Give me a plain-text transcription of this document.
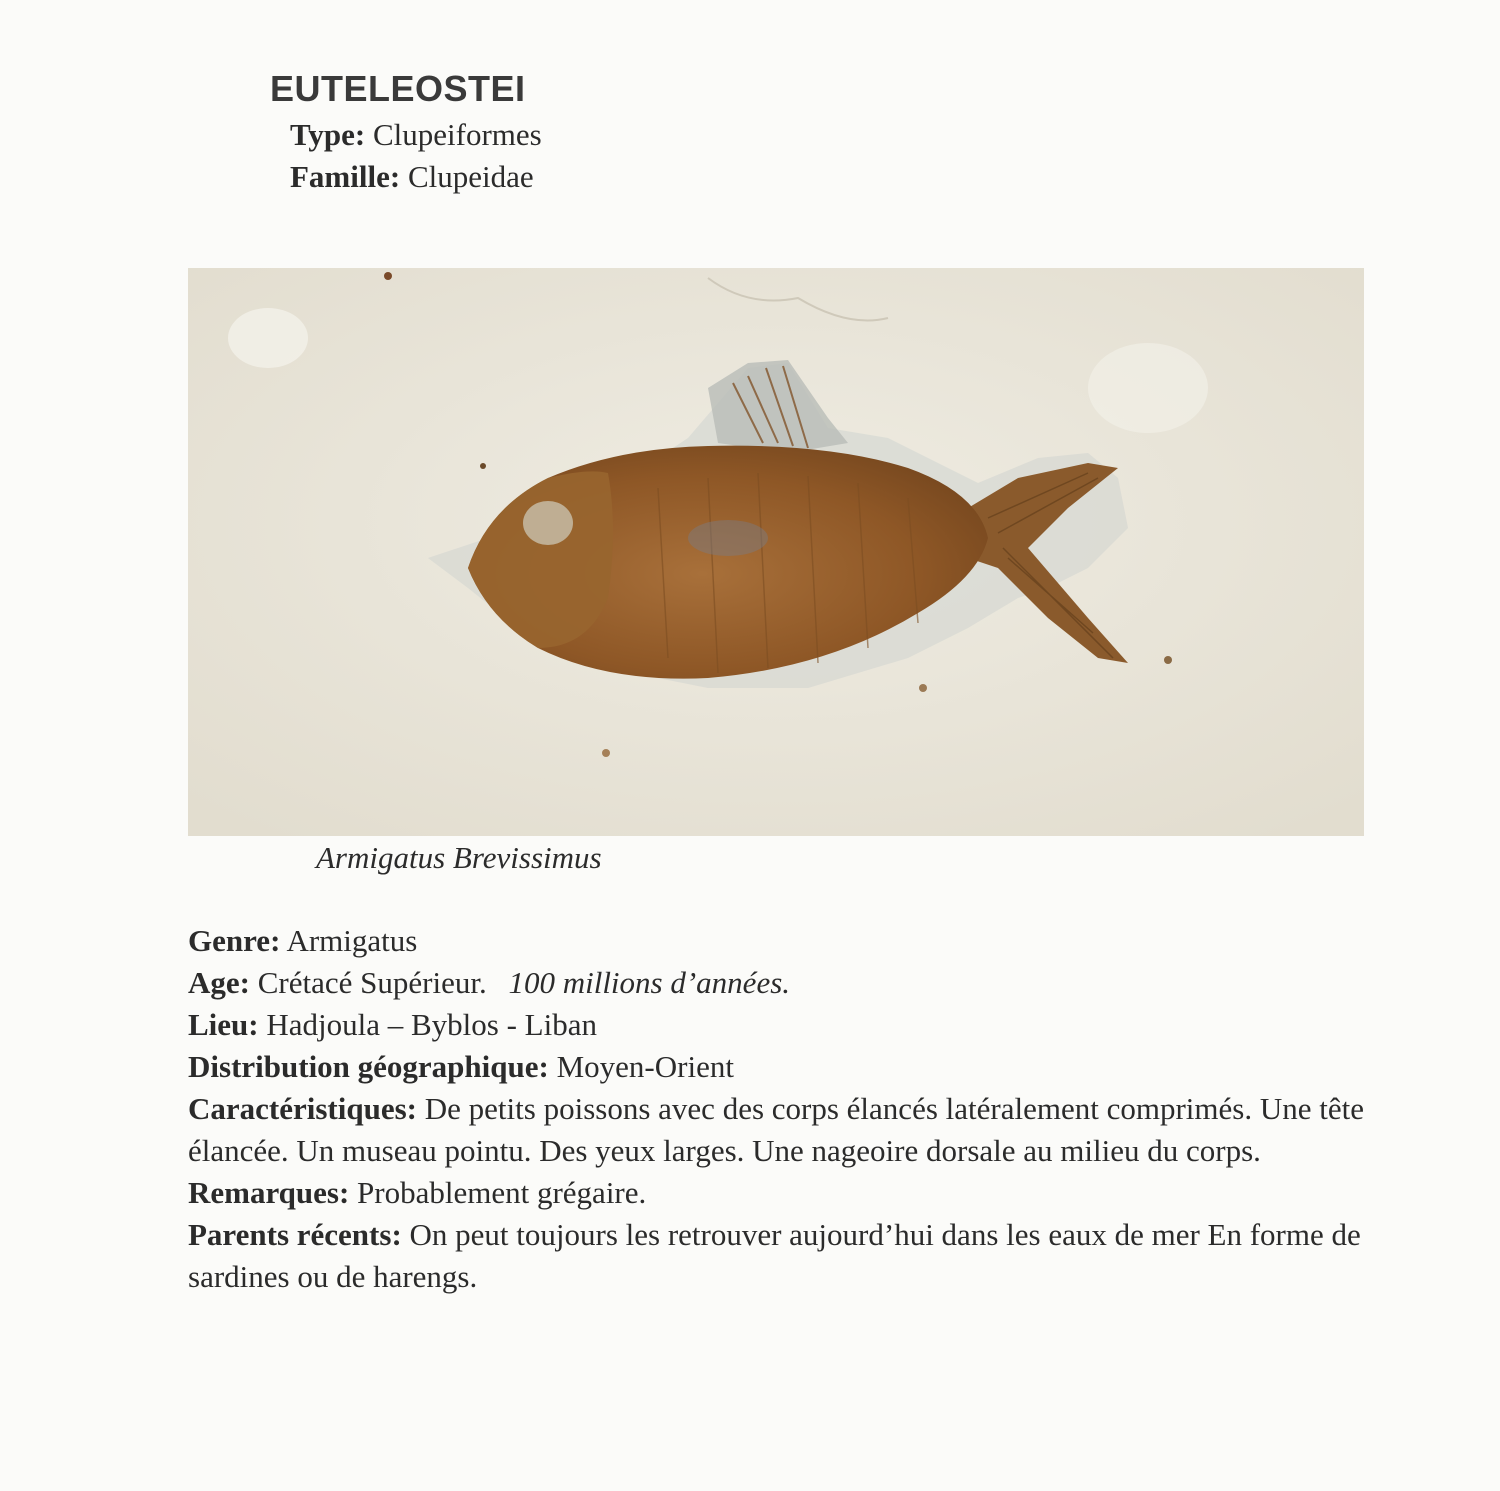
EUTELEOSTEI
Type: Clupeiformes
Famille: Clupeidae
Armigatus Brevissimus

Genre: Armigatus

Age: Crétacé Supérieur. 100 millions d’années.

Lieu: Hadjoula – Byblos - Liban

Distribution géographique: Moyen-Orient

Caractéristiques: De petits poissons avec des corps élancés latéralement comprimés. Une tête élancée. Un museau pointu. Des yeux larges. Une nageoire dorsale au milieu du corps.

Remarques: Probablement grégaire.

Parents récents: On peut toujours les retrouver aujourd’hui dans les eaux de mer En forme de sardines ou de harengs.
